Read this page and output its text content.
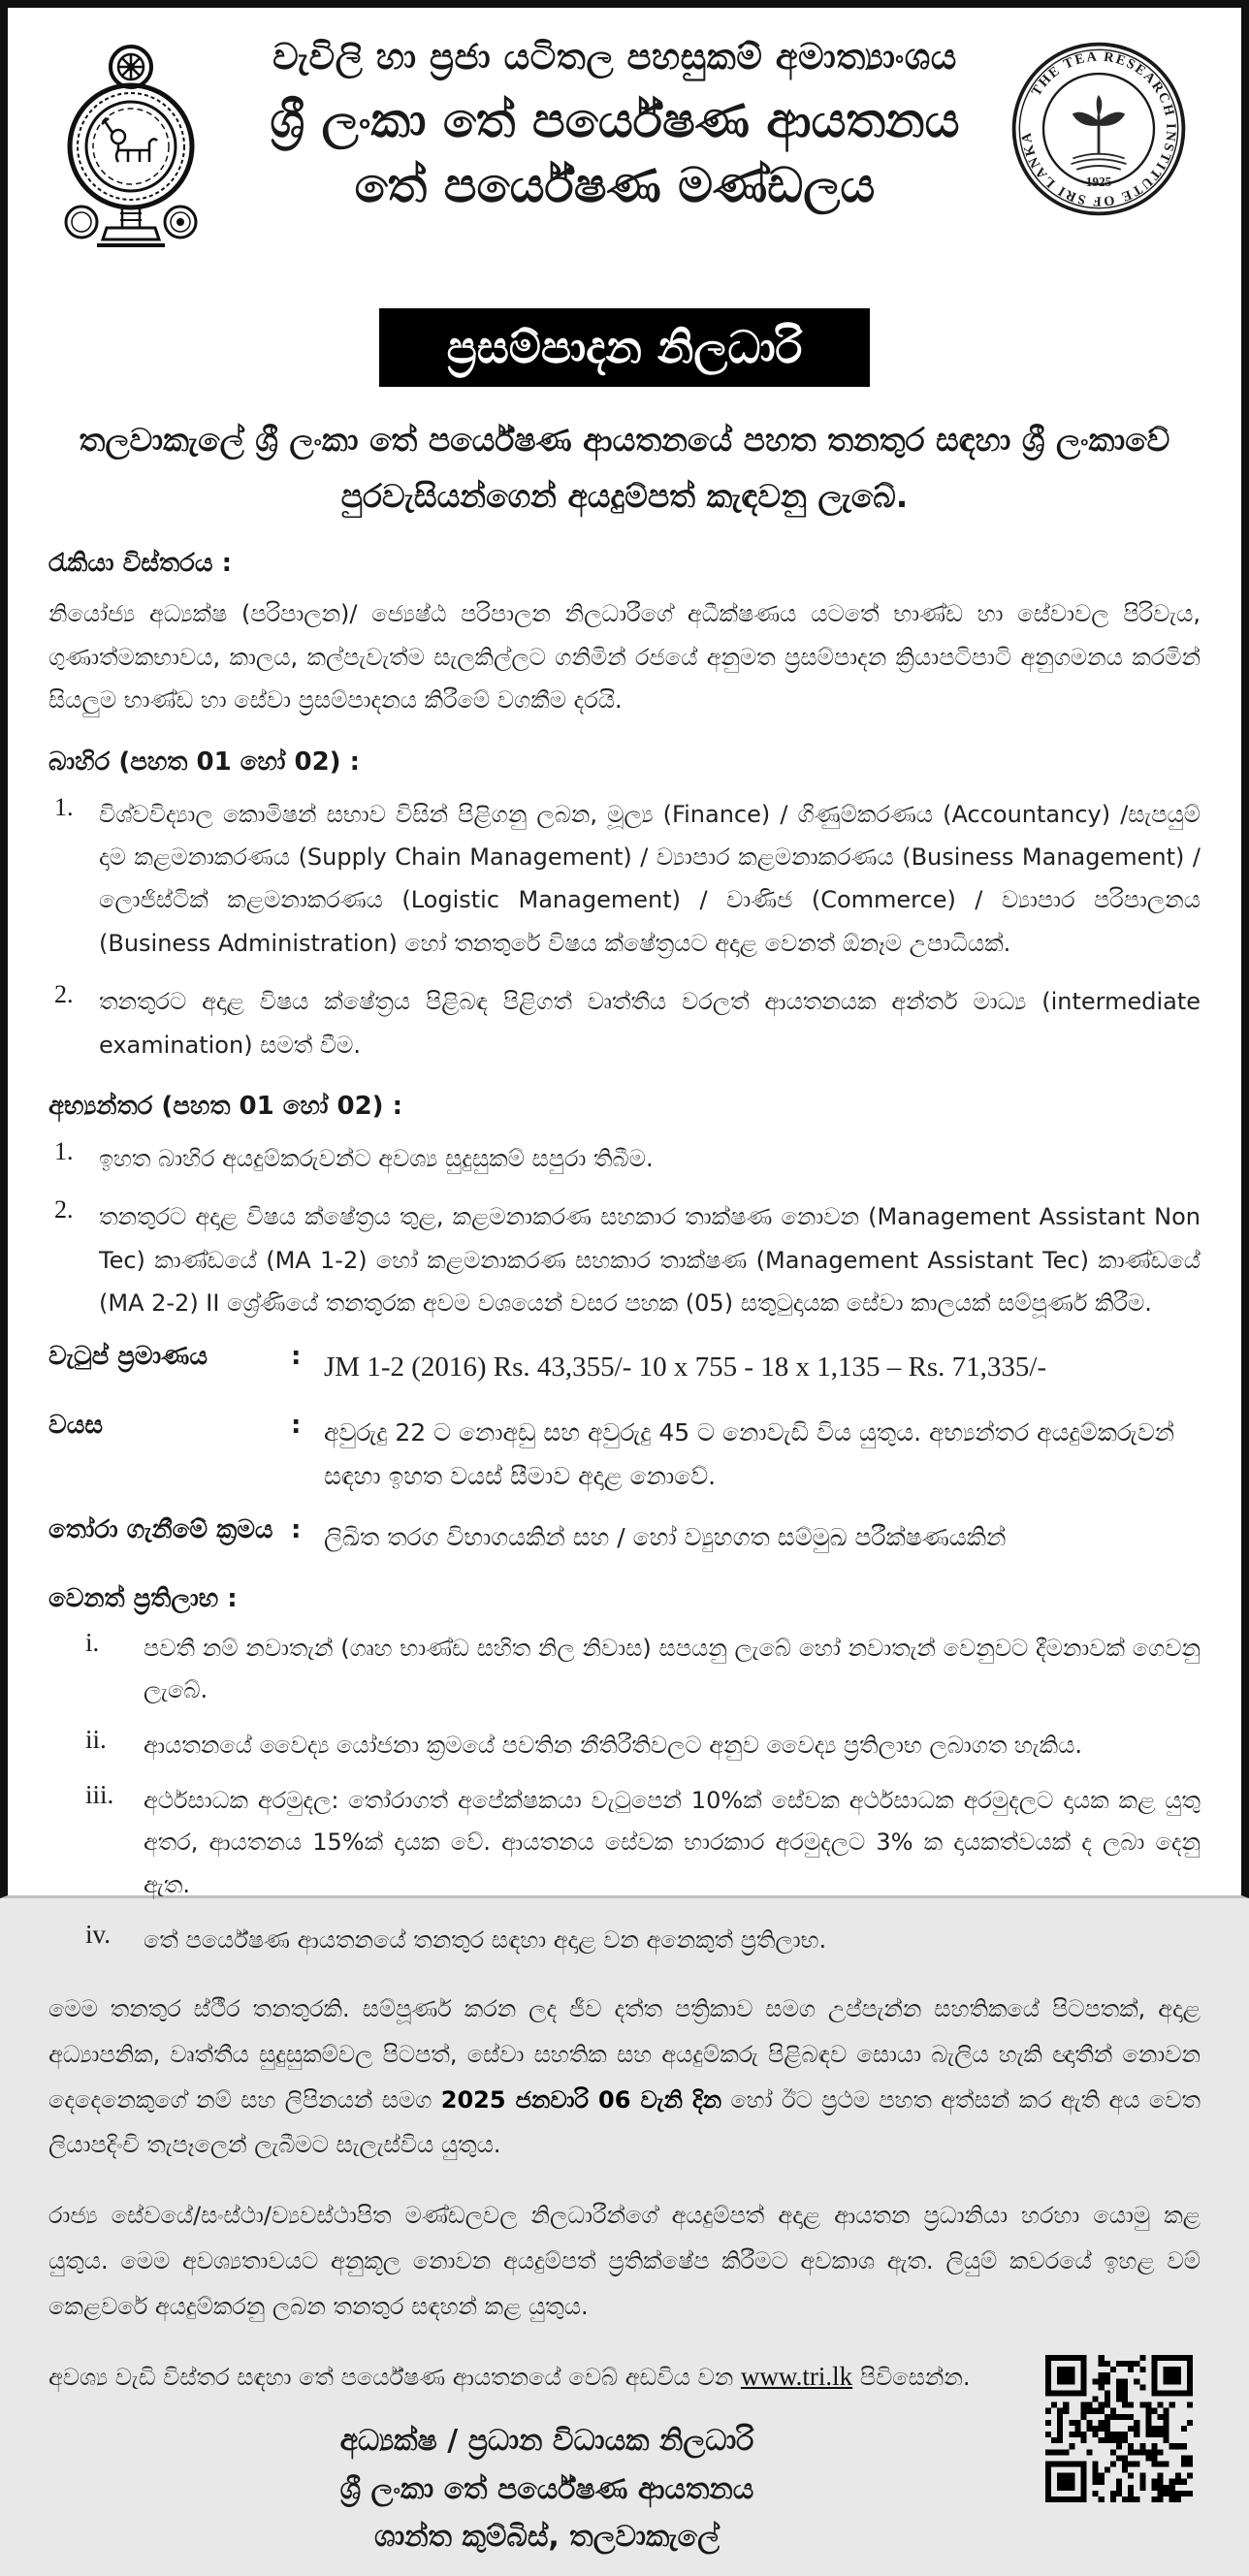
වැවිලි හා ප්‍රජා යටිතල පහසුකම් අමාත්‍යාංශය
ශ්‍රී ලංකා තේ පර්යේෂණ ආයතනය
තේ පර්යේෂණ මණ්ඩලය
THE TEA RESEARCH INSTITUTE OF SRI LANKA
1925
ප්‍රසම්පාදන නිලධාරි
තලවාකැලේ ශ්‍රී ලංකා තේ පර්යේෂණ ආයතනයේ පහත තනතුර සඳහා ශ්‍රී ලංකාවේ පුරවැසියන්ගෙන් අයදුම්පත් කැඳවනු ලැබේ.
රැකියා විස්තරය :
නියෝජ්‍ය අධ්‍යක්ෂ (පරිපාලන)/ ජ්‍යෙෂ්ඨ පරිපාලන නිලධාරීගේ අධීක්ෂණය යටතේ භාණ්ඩ හා සේවාවල පිරිවැය, ගුණාත්මකභාවය, කාලය, කල්පැවැත්ම සැලකිල්ලට ගනිමින් රජයේ අනුමත ප්‍රසම්පාදන ක්‍රියාපටිපාටි අනුගමනය කරමින් සියලුම භාණ්ඩ හා සේවා ප්‍රසම්පාදනය කිරීමේ වගකීම දරයි.
බාහිර (පහත 01 හෝ 02) :
1.	විශ්වවිද්‍යාල කොමිෂන් සභාව විසින් පිළිගනු ලබන, මූල්‍ය (Finance) / ගිණුම්කරණය (Accountancy) /සැපයුම් දාම කළමනාකරණය (Supply Chain Management) / ව්‍යාපාර කළමනාකරණය (Business Management) / ලොජිස්ටික් කළමනාකරණය (Logistic Management) / වාණිජ (Commerce) / ව්‍යාපාර පරිපාලනය (Business Administration) හෝ තනතුරේ විෂය ක්ෂේත්‍රයට අදාළ වෙනත් ඕනෑම උපාධියක්.
2.	තනතුරට අදාළ විෂය ක්ෂේත්‍රය පිළිබඳ පිළිගත් වෘත්තීය වරලත් ආයතනයක අන්තර් මාධ්‍ය (intermediate examination) සමත් වීම.
අභ්‍යන්තර (පහත 01 හෝ 02) :
1.	ඉහත බාහිර අයදුම්කරුවන්ට අවශ්‍ය සුදුසුකම් සපුරා තිබීම.
2.	තනතුරට අදාළ විෂය ක්ෂේත්‍රය තුළ, කළමනාකරණ සහකාර තාක්ෂණ නොවන (Management Assistant Non Tec) කාණ්ඩයේ (MA 1-2) හෝ කළමනාකරණ සහකාර තාක්ෂණ (Management Assistant Tec) කාණ්ඩයේ (MA 2-2) II ශ්‍රේණියේ තනතුරක අවම වශයෙන් වසර පහක (05) සතුටුදායක සේවා කාලයක් සම්පූර්ණ කිරීම.
වැටුප් ප්‍රමාණය	: JM 1-2 (2016) Rs. 43,355/- 10 x 755 - 18 x 1,135 – Rs. 71,335/-
වයස	: අවුරුදු 22 ට නොඅඩු සහ අවුරුදු 45 ට නොවැඩි විය යුතුය. අභ්‍යන්තර අයදුම්කරුවන් සඳහා ඉහත වයස් සීමාව අදාළ නොවේ.
තෝරා ගැනීමේ ක්‍රමය : ලිඛිත තරග විභාගයකින් සහ / හෝ ව්‍යුහගත සම්මුඛ පරීක්ෂණයකින්
වෙනත් ප්‍රතිලාභ :
i.	පවතී නම් නවාතැන් (ගෘහ භාණ්ඩ සහිත නිල නිවාස) සපයනු ලැබේ හෝ නවාතැන් වෙනුවට දීමනාවක් ගෙවනු ලැබේ.
ii.	ආයතනයේ වෛද්‍ය යෝජනා ක්‍රමයේ පවතින නීතිරීතිවලට අනුව වෛද්‍ය ප්‍රතිලාභ ලබාගත හැකිය.
iii.	අර්ථසාධක අරමුදල: තෝරාගත් අපේක්ෂකයා වැටුපෙන් 10%ක් සේවක අර්ථසාධක අරමුදලට දායක කළ යුතු අතර, ආයතනය 15%ක් දායක වේ. ආයතනය සේවක භාරකාර අරමුදලට 3% ක දායකත්වයක් ද ලබා දෙනු ඇත.
iv.	තේ පර්යේෂණ ආයතනයේ තනතුර සඳහා අදාළ වන අනෙකුත් ප්‍රතිලාභ.
මෙම තනතුර ස්ථීර තනතුරකි. සම්පූර්ණ කරන ලද ජීව දත්ත පත්‍රිකාව සමග උප්පැන්න සහතිකයේ පිටපතක්, අදාළ අධ්‍යාපනික, වෘත්තීය සුදුසුකම්වල පිටපත්, සේවා සහතික සහ අයදුම්කරු පිළිබඳව සොයා බැලිය හැකි ඥාතීන් නොවන දෙදෙනෙකුගේ නම් සහ ලිපිනයන් සමග 2025 ජනවාරි 06 වැනි දින හෝ ඊට ප්‍රථම පහත අත්සන් කර ඇති අය වෙත ලියාපදිංචි තැපෑලෙන් ලැබීමට සැලැස්විය යුතුය.
රාජ්‍ය සේවයේ/සංස්ථා/ව්‍යවස්ථාපිත මණ්ඩලවල නිලධාරීන්ගේ අයදුම්පත් අදාළ ආයතන ප්‍රධානියා හරහා යොමු කළ යුතුය. මෙම අවශ්‍යතාවයට අනුකූල නොවන අයදුම්පත් ප්‍රතික්ෂේප කිරීමට අවකාශ ඇත. ලියුම් කවරයේ ඉහළ වම් කෙළවරේ අයදුම්කරනු ලබන තනතුර සඳහන් කළ යුතුය.
අවශ්‍ය වැඩි විස්තර සඳහා තේ පර්යේෂණ ආයතනයේ වෙබ් අඩවිය වන www.tri.lk පිවිසෙන්න.
අධ්‍යක්ෂ / ප්‍රධාන විධායක නිලධාරි
ශ්‍රී ලංකා තේ පර්යේෂණ ආයතනය
ශාන්ත කුම්බිස්, තලවාකැලේ
